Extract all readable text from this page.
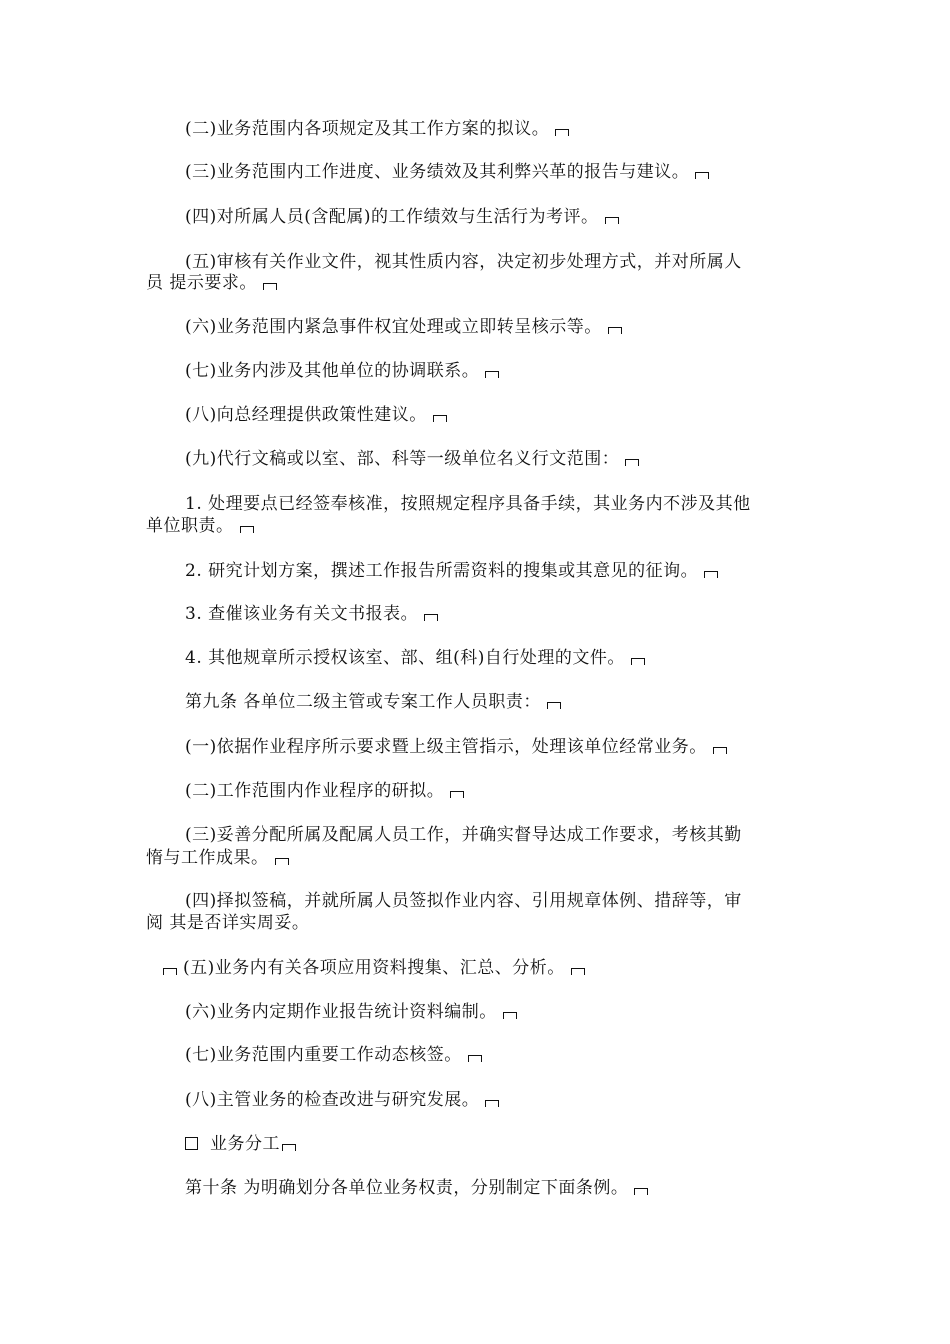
(二)业务范围内各项规定及其工作方案的拟议。
(三)业务范围内工作进度、业务绩效及其利弊兴革的报告与建议。
(四)对所属人员(含配属)的工作绩效与生活行为考评。
(五)审核有关作业文件，视其性质内容，决定初步处理方式，并对所属人
员 提示要求。
(六)业务范围内紧急事件权宜处理或立即转呈核示等。
(七)业务内涉及其他单位的协调联系。
(八)向总经理提供政策性建议。
(九)代行文稿或以室、部、科等一级单位名义行文范围：
1. 处理要点已经签奉核准，按照规定程序具备手续，其业务内不涉及其他
单位职责。
2. 研究计划方案，撰述工作报告所需资料的搜集或其意见的征询。
3. 查催该业务有关文书报表。
4. 其他规章所示授权该室、部、组(科)自行处理的文件。
第九条 各单位二级主管或专案工作人员职责：
(一)依据作业程序所示要求暨上级主管指示，处理该单位经常业务。
(二)工作范围内作业程序的研拟。
(三)妥善分配所属及配属人员工作，并确实督导达成工作要求，考核其勤
惰与工作成果。
(四)择拟签稿，并就所属人员签拟作业内容、引用规章体例、措辞等，审
阅 其是否详实周妥。
(五)业务内有关各项应用资料搜集、汇总、分析。
(六)业务内定期作业报告统计资料编制。
(七)业务范围内重要工作动态核签。
(八)主管业务的检查改进与研究发展。
业务分工
第十条 为明确划分各单位业务权责，分别制定下面条例。
